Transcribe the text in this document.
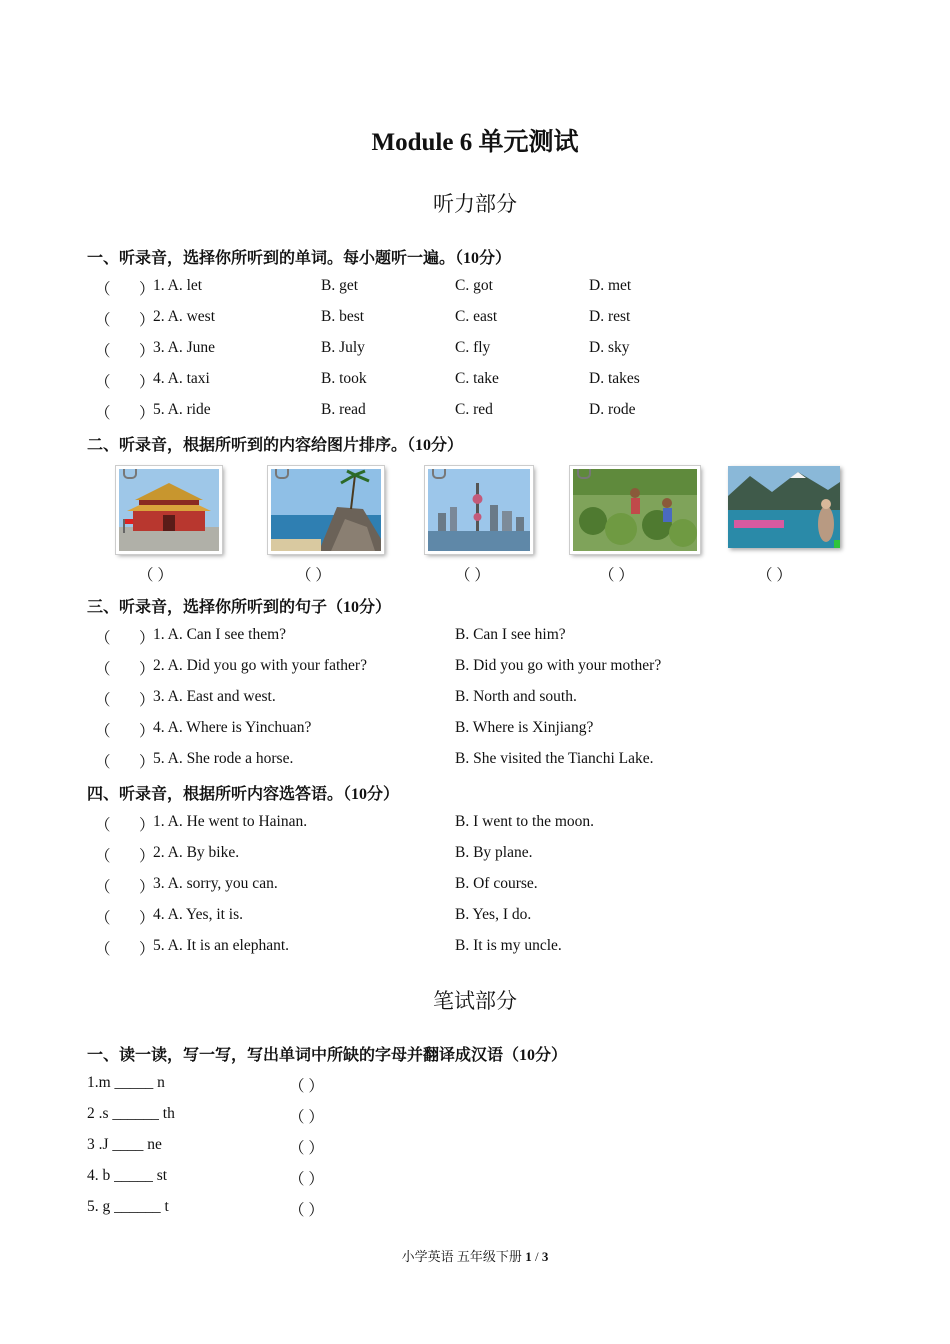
Module 6 单元测试
听力部分
一、听录音，选择你所听到的单词。每小题听一遍。（10分）
（ ）
1. A. let	B. get	C. got	D. met
（ ）
2. A. west	B. best	C. east	D. rest
（ ）
3. A. June	B. July	C. fly	D. sky
（ ）
4. A. taxi	B. took	C. take	D. takes
（ ）
5. A. ride	B. read	C. red	D. rode
二、听录音，根据所听到的内容给图片排序。（10分）
（ ）	（ ）	（ ）	（ ）	（ ）
三、听录音，选择你所听到的句子（10分）
（ ）
1. A. Can I see them?	B. Can I see him?
（ ）
2. A. Did you go with your father?	B. Did you go with your mother?
（ ）
3. A. East and west.	B. North and south.
（ ）
4. A. Where is Yinchuan?	B. Where is Xinjiang?
（ ）
5. A. She rode a horse.	B. She visited the Tianchi Lake.
四、听录音，根据所听内容选答语。（10分）
（ ）
1. A. He went to Hainan.	B. I went to the moon.
（ ）
2. A. By bike.	B. By plane.
（ ）
3. A. sorry, you can.	B. Of course.
（ ）
4. A. Yes, it is.	B. Yes, I do.
（ ）
5. A. It is an elephant.	B. It is my uncle.
笔试部分
一、读一读，写一写，写出单词中所缺的字母并翻译成汉语（10分）
1.m _____ n	（ ）
2 .s ______ th	（ ）
3 .J ____ ne	（ ）
4. b _____ st	（ ）
5. g ______ t	（ ）
小学英语 五年级下册 1 / 3
